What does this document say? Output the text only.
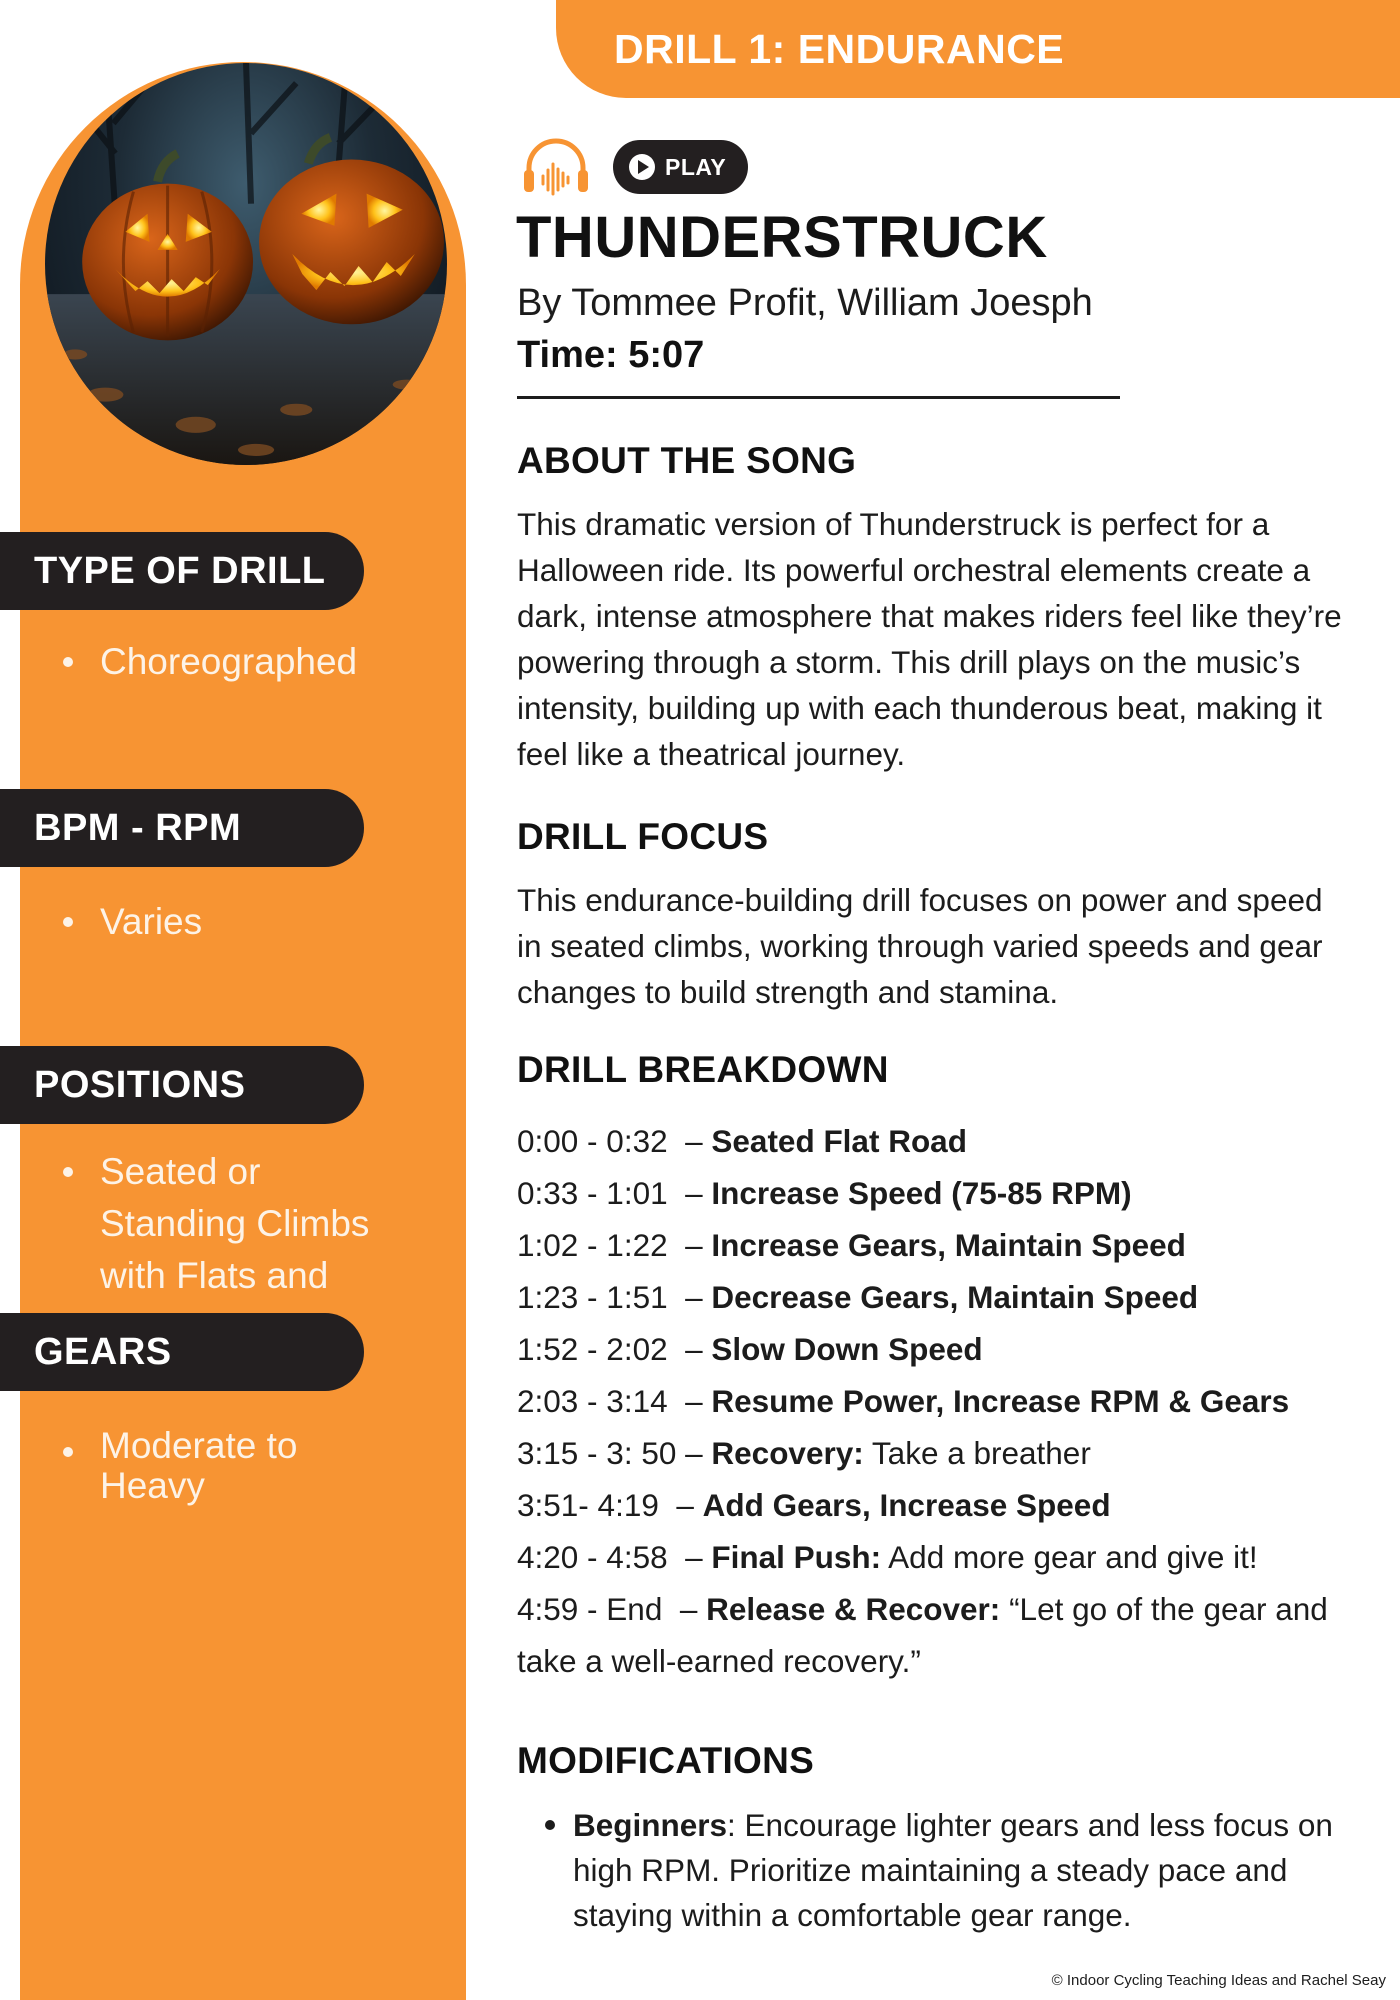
TYPE OF DRILL
Choreographed
BPM - RPM
Varies
POSITIONS
Seated or Standing Climbs with Flats and
GEARS
Moderate to Heavy
DRILL 1: ENDURANCE
PLAY
THUNDERSTRUCK
By Tommee Profit, William Joesph
Time: 5:07
ABOUT THE SONG
This dramatic version of Thunderstruck is perfect for a Halloween ride. Its powerful orchestral elements create a dark, intense atmosphere that makes riders feel like they’re powering through a storm. This drill plays on the music’s intensity, building up with each thunderous beat, making it feel like a theatrical journey.
DRILL FOCUS
This endurance-building drill focuses on power and speed in seated climbs, working through varied speeds and gear changes to build strength and stamina.
DRILL BREAKDOWN
0:00 - 0:32  – Seated Flat Road
0:33 - 1:01  – Increase Speed (75-85 RPM)
1:02 - 1:22  – Increase Gears, Maintain Speed
1:23 - 1:51  – Decrease Gears, Maintain Speed
1:52 - 2:02  – Slow Down Speed
2:03 - 3:14  – Resume Power, Increase RPM & Gears
3:15 - 3: 50 – Recovery: Take a breather
3:51- 4:19  – Add Gears, Increase Speed
4:20 - 4:58  – Final Push: Add more gear and give it!
4:59 - End  – Release & Recover: “Let go of the gear and take a well-earned recovery.”
MODIFICATIONS
Beginners: Encourage lighter gears and less focus on high RPM. Prioritize maintaining a steady pace and staying within a comfortable gear range.
© Indoor Cycling Teaching Ideas and Rachel Seay
